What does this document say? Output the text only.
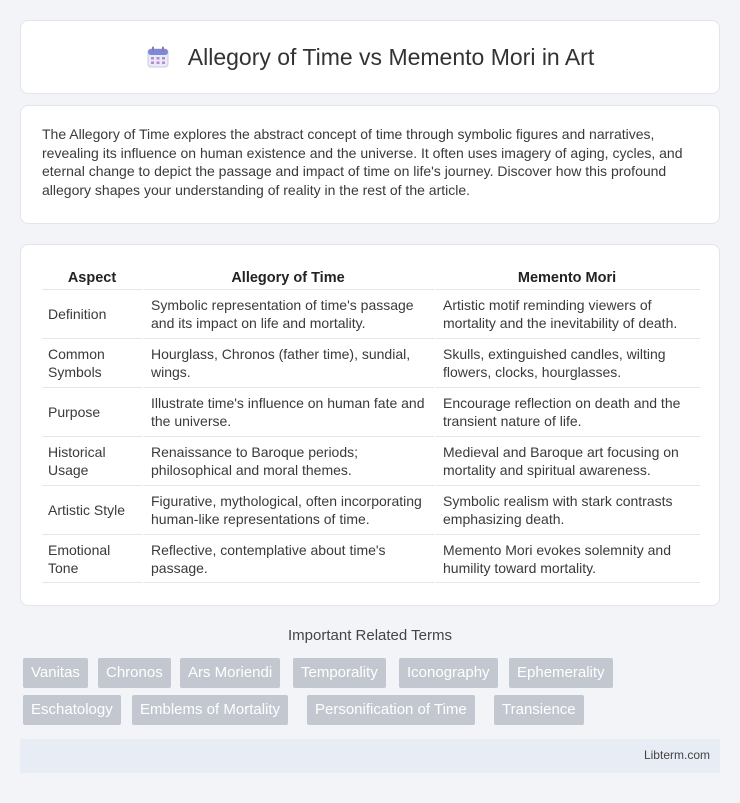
Allegory of Time vs Memento Mori in Art

The Allegory of Time explores the abstract concept of time through symbolic figures and narratives, revealing its influence on human existence and the universe. It often uses imagery of aging, cycles, and eternal change to depict the passage and impact of time on life's journey. Discover how this profound allegory shapes your understanding of reality in the rest of the article.

Aspect	Allegory of Time	Memento Mori
Definition	Symbolic representation of time's passage and its impact on life and mortality.	Artistic motif reminding viewers of mortality and the inevitability of death.
Common Symbols	Hourglass, Chronos (father time), sundial, wings.	Skulls, extinguished candles, wilting flowers, clocks, hourglasses.
Purpose	Illustrate time's influence on human fate and the universe.	Encourage reflection on death and the transient nature of life.
Historical Usage	Renaissance to Baroque periods; philosophical and moral themes.	Medieval and Baroque art focusing on mortality and spiritual awareness.
Artistic Style	Figurative, mythological, often incorporating human-like representations of time.	Symbolic realism with stark contrasts emphasizing death.
Emotional Tone	Reflective, contemplative about time's passage.	Memento Mori evokes solemnity and humility toward mortality.
Important Related Terms
Vanitas	Chronos	Ars Moriendi	Temporality	Iconography	Ephemerality
Eschatology	Emblems of Mortality	Personification of Time	Transience
Libterm.com
